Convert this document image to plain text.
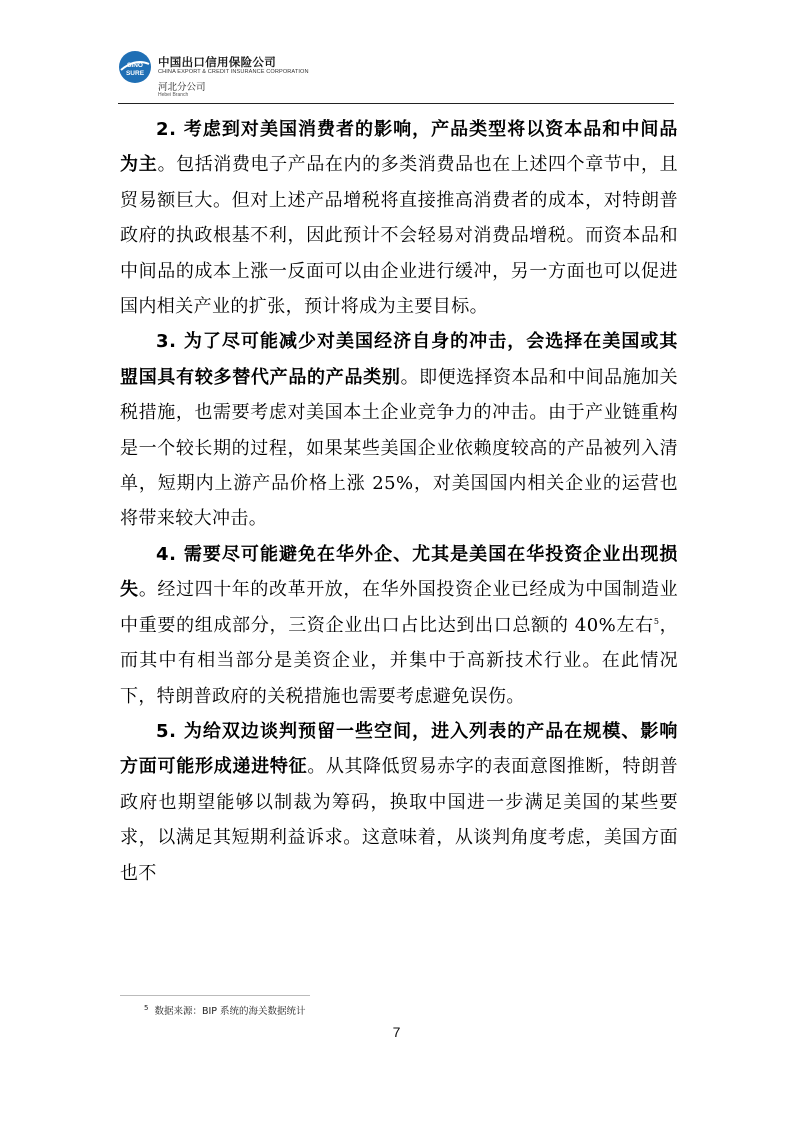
SINO
SURE
中国出口信用保险公司
CHINA EXPORT & CREDIT INSURANCE CORPORATION
河北分公司
Hebei Branch

2. 考虑到对美国消费者的影响，产品类型将以资本品和中间品为主。包括消费电子产品在内的多类消费品也在上述四个章节中，且贸易额巨大。但对上述产品增税将直接推高消费者的成本，对特朗普政府的执政根基不利，因此预计不会轻易对消费品增税。而资本品和中间品的成本上涨一反面可以由企业进行缓冲，另一方面也可以促进国内相关产业的扩张，预计将成为主要目标。

3. 为了尽可能减少对美国经济自身的冲击，会选择在美国或其盟国具有较多替代产品的产品类别。即便选择资本品和中间品施加关税措施，也需要考虑对美国本土企业竞争力的冲击。由于产业链重构是一个较长期的过程，如果某些美国企业依赖度较高的产品被列入清单，短期内上游产品价格上涨 25%，对美国国内相关企业的运营也将带来较大冲击。

4. 需要尽可能避免在华外企、尤其是美国在华投资企业出现损失。经过四十年的改革开放，在华外国投资企业已经成为中国制造业中重要的组成部分，三资企业出口占比达到出口总额的 40%左右$^5$，而其中有相当部分是美资企业，并集中于高新技术行业。在此情况下，特朗普政府的关税措施也需要考虑避免误伤。

5. 为给双边谈判预留一些空间，进入列表的产品在规模、影响方面可能形成递进特征。从其降低贸易赤字的表面意图推断，特朗普政府也期望能够以制裁为筹码，换取中国进一步满足美国的某些要求，以满足其短期利益诉求。这意味着，从谈判角度考虑，美国方面也不

$^5$ 数据来源：BIP 系统的海关数据统计
7
